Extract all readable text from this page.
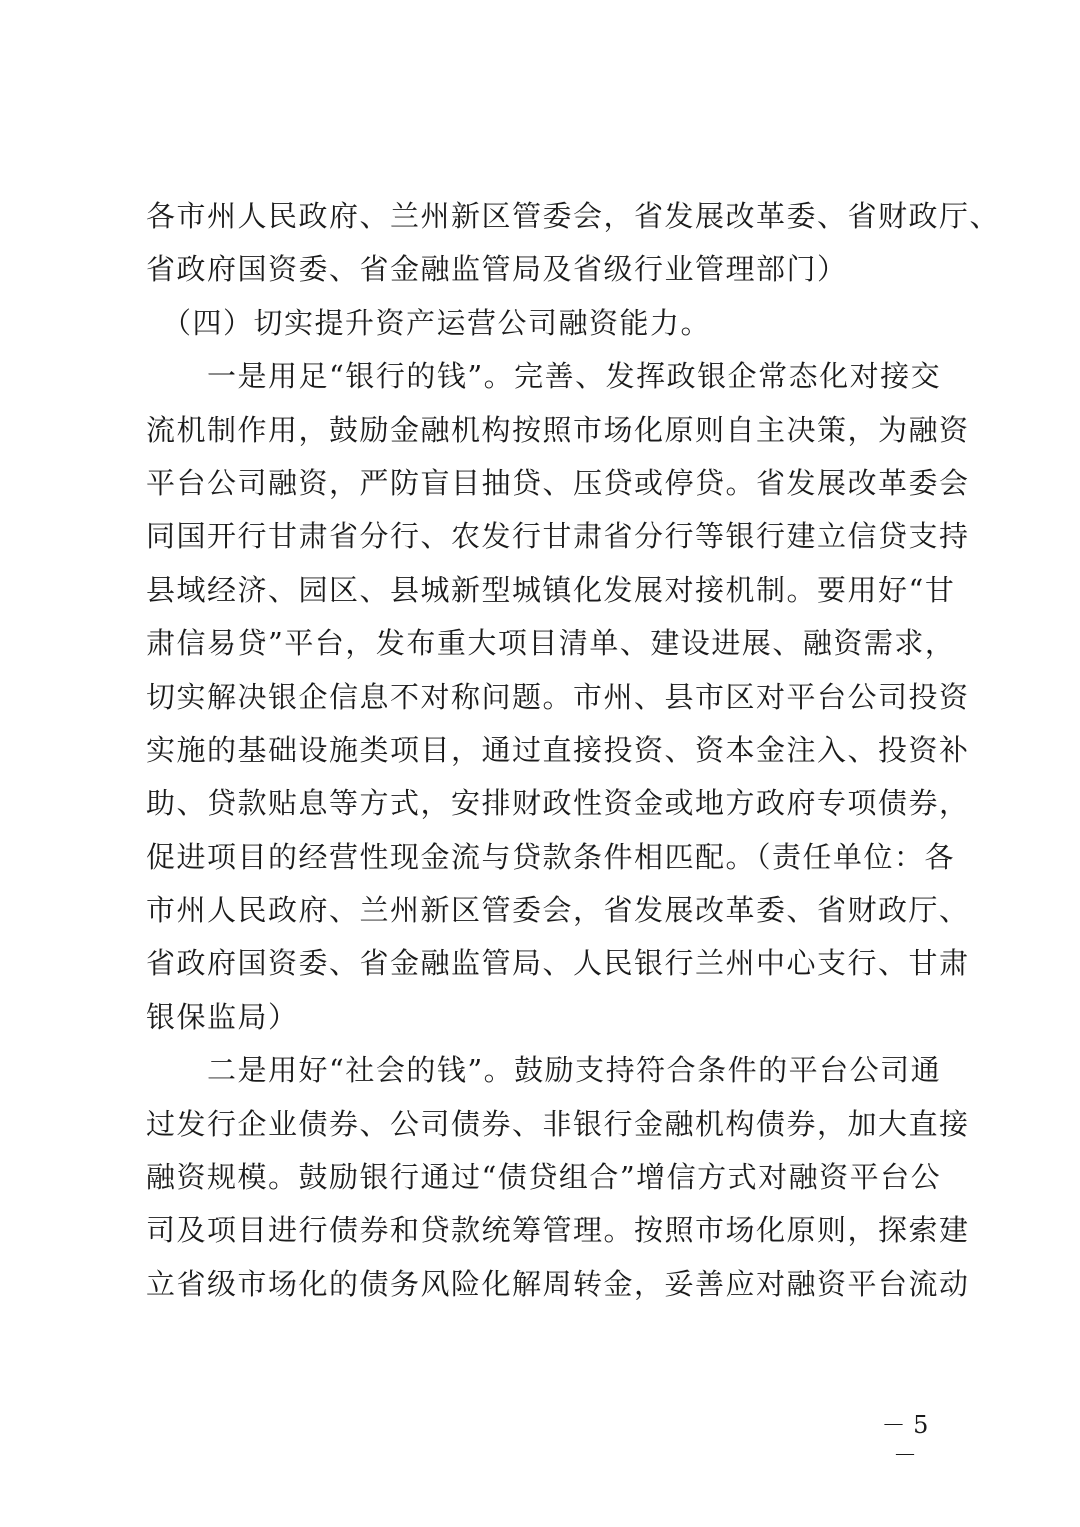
各市州人民政府、兰州新区管委会，省发展改革委、省财政厅、
省政府国资委、省金融监管局及省级行业管理部门）
　（四）切实提升资产运营公司融资能力。
　　一是用足“银行的钱”。完善、发挥政银企常态化对接交
流机制作用，鼓励金融机构按照市场化原则自主决策，为融资
平台公司融资，严防盲目抽贷、压贷或停贷。省发展改革委会
同国开行甘肃省分行、农发行甘肃省分行等银行建立信贷支持
县域经济、园区、县城新型城镇化发展对接机制。要用好“甘
肃信易贷”平台，发布重大项目清单、建设进展、融资需求，
切实解决银企信息不对称问题。市州、县市区对平台公司投资
实施的基础设施类项目，通过直接投资、资本金注入、投资补
助、贷款贴息等方式，安排财政性资金或地方政府专项债券，
促进项目的经营性现金流与贷款条件相匹配。（责任单位：各
市州人民政府、兰州新区管委会，省发展改革委、省财政厅、
省政府国资委、省金融监管局、人民银行兰州中心支行、甘肃
银保监局）
　　二是用好“社会的钱”。鼓励支持符合条件的平台公司通
过发行企业债券、公司债券、非银行金融机构债券，加大直接
融资规模。鼓励银行通过“债贷组合”增信方式对融资平台公
司及项目进行债券和贷款统筹管理。按照市场化原则，探索建
立省级市场化的债务风险化解周转金，妥善应对融资平台流动
－ 5 －
